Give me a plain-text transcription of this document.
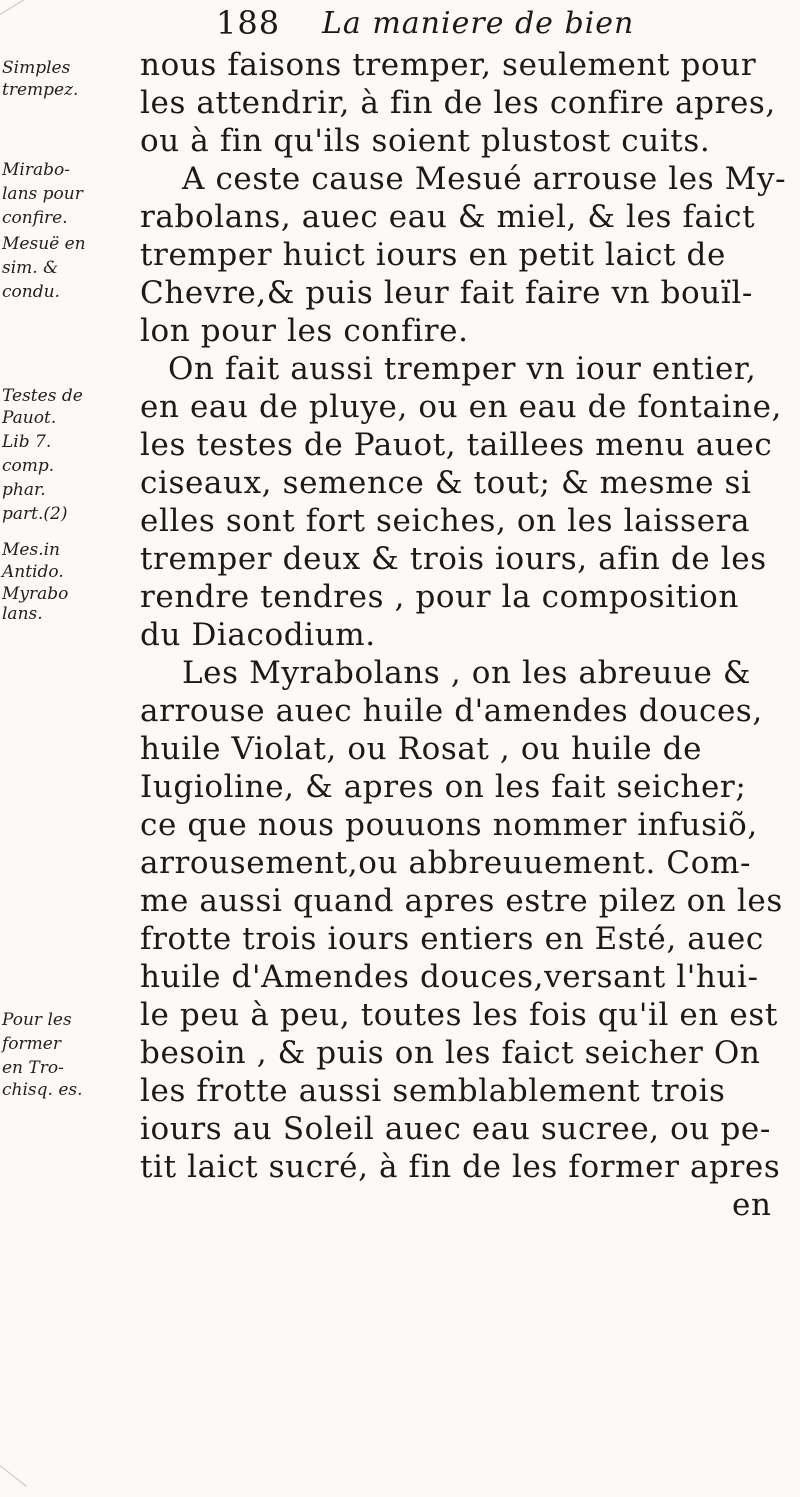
188 La maniere de bien
Simples
trempez.
Mirabo-
lans pour
confire.
Mesuë en
sim. &
condu.
Testes de
Pauot.
Lib 7.
comp.
phar.
part.(2)
Mes.in
Antido.
Myrabo
lans.
Pour les
former
en Tro-
chisq. es.
nous faisons tremper, seulement pour
les attendrir, à fin de les confire apres,
ou à fin qu'ils soient plustost cuits.
A ceste cause Mesué arrouse les My-
rabolans, auec eau & miel, & les faict
tremper huict iours en petit laict de
Chevre,& puis leur fait faire vn bouïl-
lon pour les confire.
On fait aussi tremper vn iour entier,
en eau de pluye, ou en eau de fontaine,
les testes de Pauot, taillees menu auec
ciseaux, semence & tout; & mesme si
elles sont fort seiches, on les laissera
tremper deux & trois iours, afin de les
rendre tendres , pour la composition
du Diacodium.
Les Myrabolans , on les abreuue &
arrouse auec huile d'amendes douces,
huile Violat, ou Rosat , ou huile de
Iugioline, & apres on les fait seicher;
ce que nous pouuons nommer infusiõ,
arrousement,ou abbreuuement. Com-
me aussi quand apres estre pilez on les
frotte trois iours entiers en Esté, auec
huile d'Amendes douces,versant l'hui-
le peu à peu, toutes les fois qu'il en est
besoin , & puis on les faict seicher On
les frotte aussi semblablement trois
iours au Soleil auec eau sucree, ou pe-
tit laict sucré, à fin de les former apres
en
